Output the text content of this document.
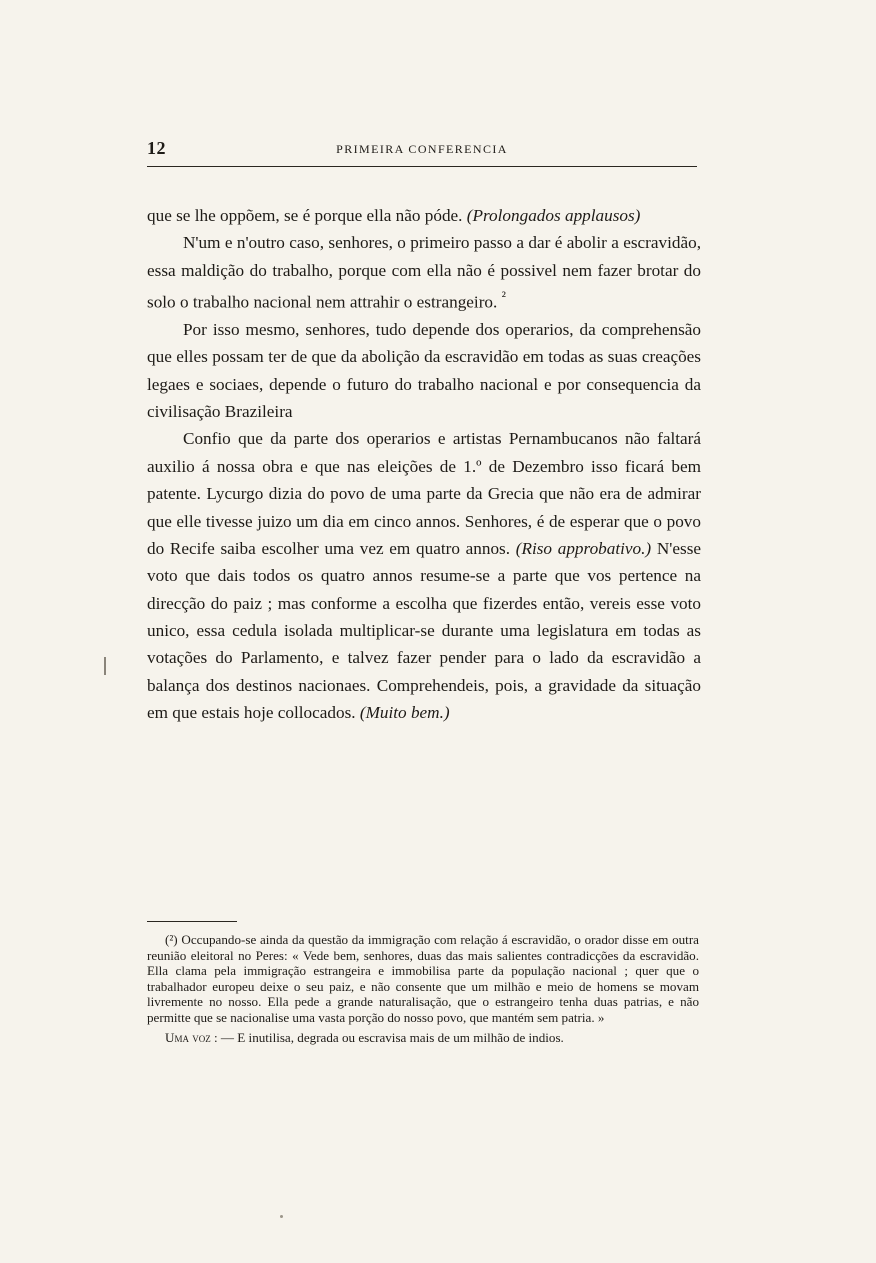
12	PRIMEIRA CONFERENCIA

que se lhe oppõem, se é porque ella não póde. (Prolongados applausos)

N'um e n'outro caso, senhores, o primeiro passo a dar é abolir a escravidão, essa maldição do trabalho, porque com ella não é possivel nem fazer brotar do solo o trabalho nacional nem attrahir o estrangeiro. $^{^2}$

Por isso mesmo, senhores, tudo depende dos operarios, da comprehensão que elles possam ter de que da abolição da escravidão em todas as suas creações legaes e sociaes, depende o futuro do trabalho nacional e por consequencia da civilisação Brazileira

Confio que da parte dos operarios e artistas Pernambucanos não faltará auxilio á nossa obra e que nas eleições de 1.º de Dezembro isso ficará bem patente. Lycurgo dizia do povo de uma parte da Grecia que não era de admirar que elle tivesse juizo um dia em cinco annos. Senhores, é de esperar que o povo do Recife saiba escolher uma vez em quatro annos. (Riso approbativo.) N'esse voto que dais todos os quatro annos resume-se a parte que vos pertence na direcção do paiz ; mas conforme a escolha que fizerdes então, vereis esse voto unico, essa cedula isolada multiplicar-se durante uma legislatura em todas as votações do Parlamento, e talvez fazer pender para o lado da escravidão a balança dos destinos nacionaes. Comprehendeis, pois, a gravidade da situação em que estais hoje collocados. (Muito bem.)

(²) Occupando-se ainda da questão da immigração com relação á escravidão, o orador disse em outra reunião eleitoral no Peres: « Vede bem, senhores, duas das mais salientes contradicções da escravidão. Ella clama pela immigração estrangeira e immobilisa parte da população nacional ; quer que o trabalhador europeu deixe o seu paiz, e não consente que um milhão e meio de homens se movam livremente no nosso. Ella pede a grande naturalisação, que o estrangeiro tenha duas patrias, e não permitte que se nacionalise uma vasta porção do nosso povo, que mantém sem patria. »

Uma voz : — E inutilisa, degrada ou escravisa mais de um milhão de indios.
